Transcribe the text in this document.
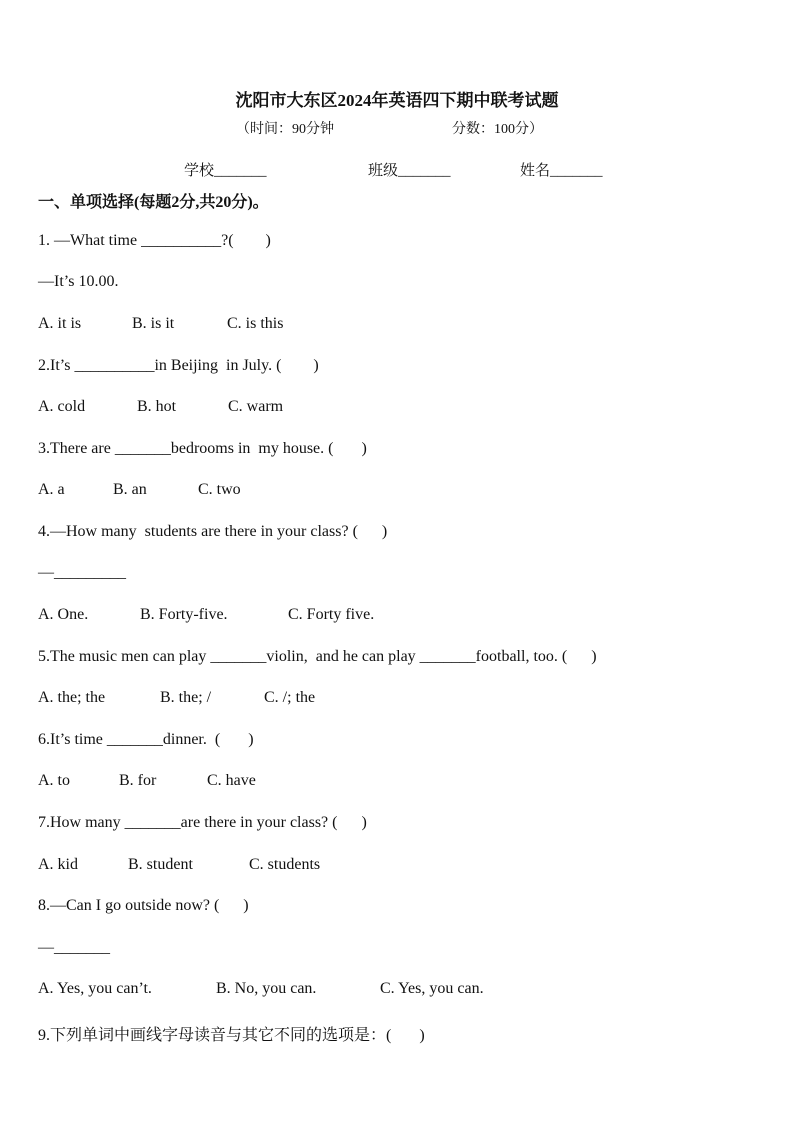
沈阳市大东区2024年英语四下期中联考试题
（时间：90分钟	分数：100分）
学校_______	班级_______	姓名_______
一、单项选择(每题2分,共20分)。
1. —What time __________?(        )
—It’s 10.00.
A. it is	B. is it	C. is this
2.It’s __________in Beijing  in July. (        )
A. cold	B. hot	C. warm
3.There are _______bedrooms in  my house. (       )
A. a	B. an	C. two
4.—How many  students are there in your class? (      )
—_________
A. One.	B. Forty-five.	C. Forty five.
5.The music men can play _______violin,  and he can play _______football, too. (      )
A. the; the	B. the; /	C. /; the
6.It’s time _______dinner.  (       )
A. to	B. for	C. have
7.How many _______are there in your class? (      )
A. kid	B. student	C. students
8.—Can I go outside now? (      )
—_______
A. Yes, you can’t.	B. No, you can.	C. Yes, you can.
9.下列单词中画线字母读音与其它不同的选项是：(       )
